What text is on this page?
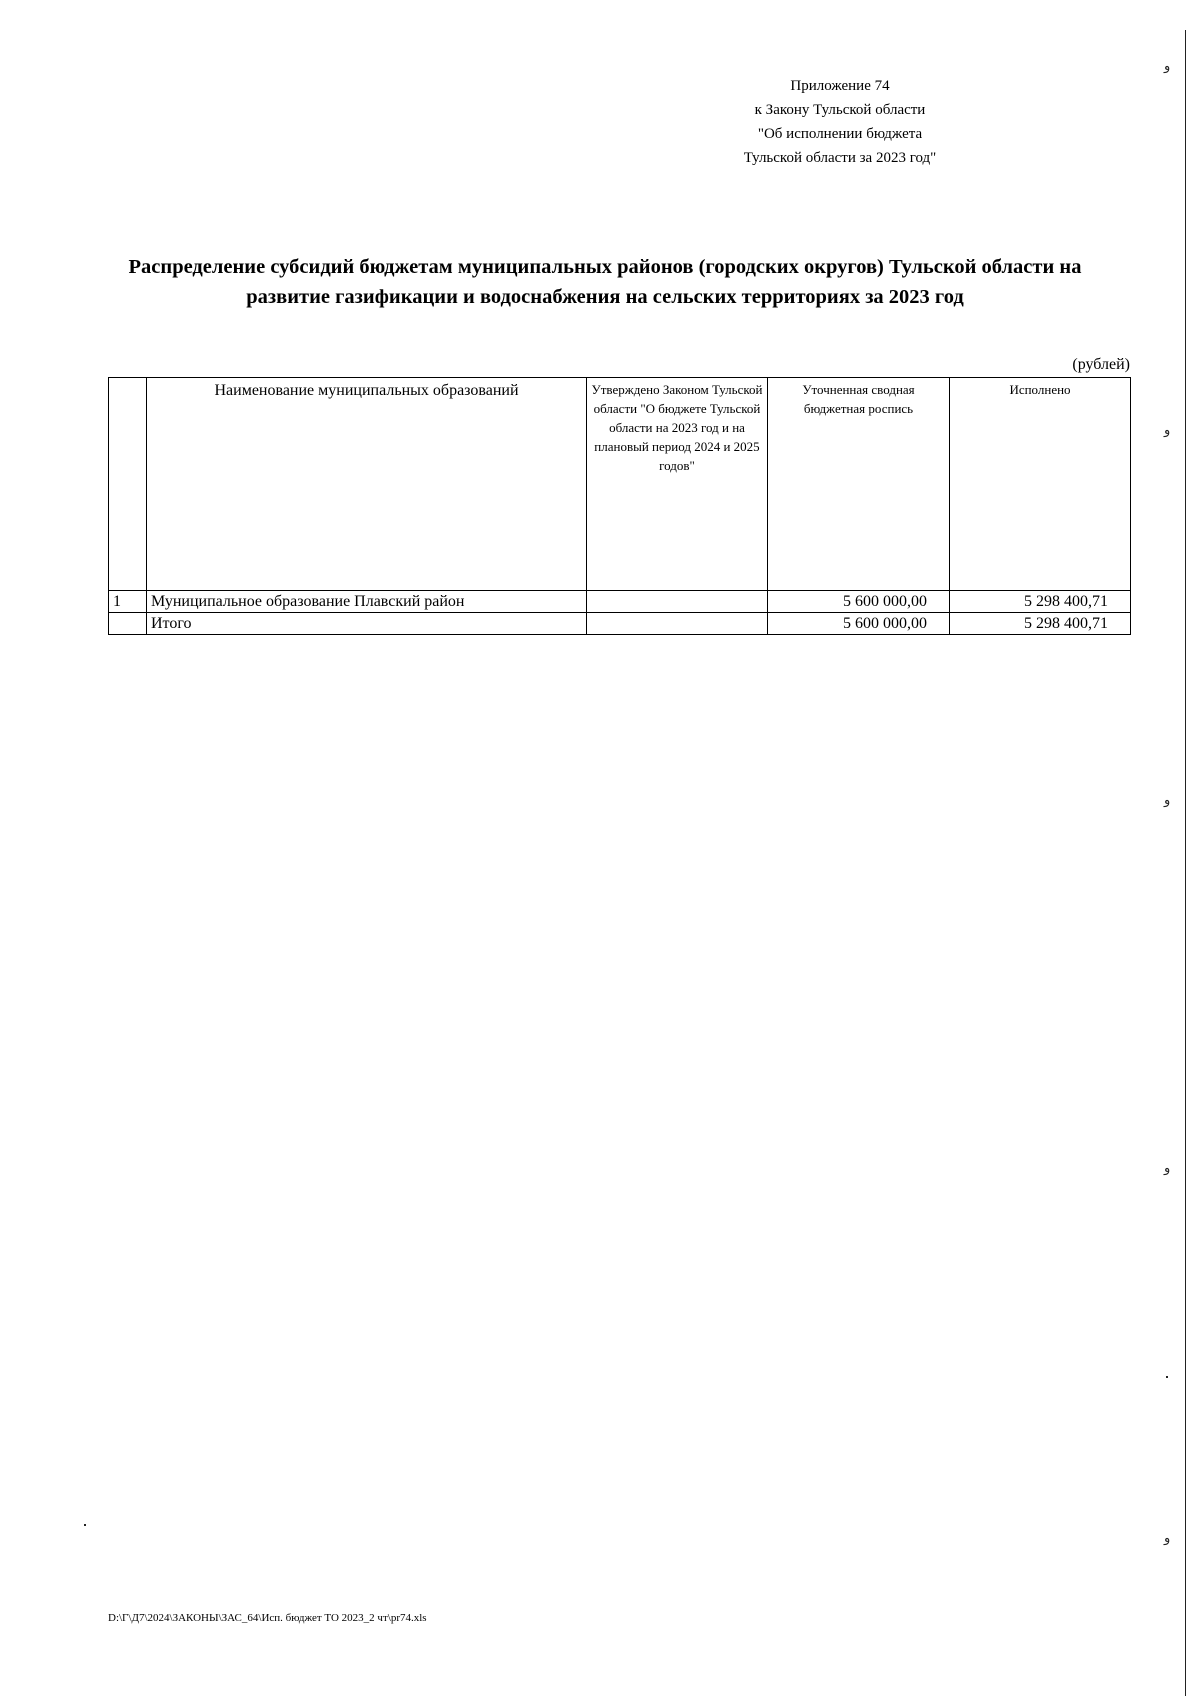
Приложение 74
к Закону Тульской области
"Об исполнении бюджета
Тульской области за 2023 год"
Распределение субсидий бюджетам муниципальных районов (городских округов) Тульской области на
развитие газификации и водоснабжения на сельских территориях за 2023 год
(рублей)
	Наименование муниципальных образований	Утверждено Законом Тульской области "О бюджете Тульской области на 2023 год и на плановый период 2024 и 2025 годов"	Уточненная сводная бюджетная роспись	Исполнено
1	Муниципальное образование Плавский район		5 600 000,00	5 298 400,71
	Итого		5 600 000,00	5 298 400,71
ﻭ
ﻭ
ﻭ
ﻭ
ﻭ
D:\Г\Д7\2024\ЗАКОНЫ\ЗАС_64\Исп. бюджет ТО 2023_2 чт\pr74.xls
